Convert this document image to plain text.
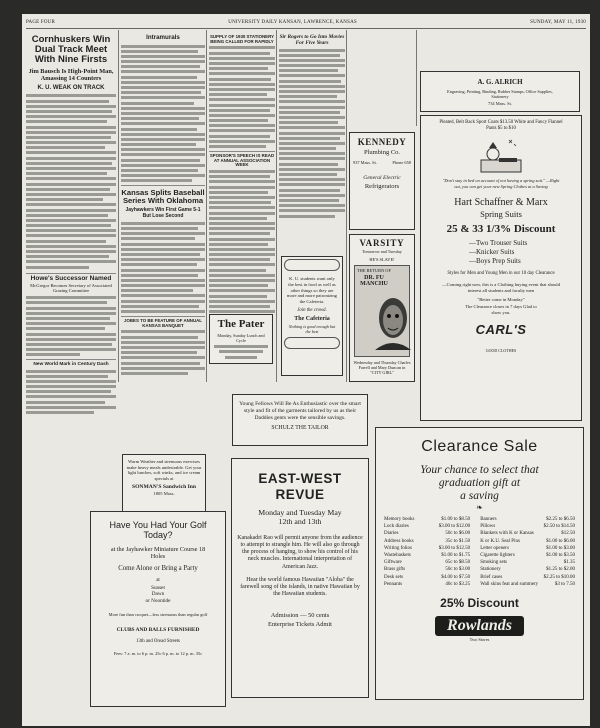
PAGE FOUR	UNIVERSITY DAILY KANSAN, LAWRENCE, KANSAS	SUNDAY, MAY 11, 1930
Cornhuskers Win Dual Track Meet With Nine Firsts
Jim Bausch Is High-Point Man, Amassing 14 Counters
K. U. WEAK ON TRACK
Howe's Successor Named
McGregor Becomes Secretary of Associated Grazing Committee
New World Mark in Century Dash
Intramurals
Kansas Splits Baseball Series With Oklahoma
Jayhawkers Win First Game 5-1 But Lose Second
JOBES TO BE FEATURE OF ANNUAL KANSAS BANQUET
Warm Weather and strenuous exercises make heavy meals undesirable. Get your light lunches, soft winks, and ice cream specials at
SONMAN'S Sandwich Inn
1805 Mass.
SUPPLY OF 1930 STATIONERY BEING CALLED FOR RAPIDLY
SPONSOR'S SPEECH IS READ AT ANNUAL ASSOCIATION WEEK
The Pater
Monday, Sunday Lunch and Cycle
Sir Rogers to Go Into Movies For Five Years
K. U. students want only the best in food as well as other things so they are more and more patronizing the Cafeteria.
Join the crowd.
The Cafeteria
Nothing is good enough but the best
KENNEDY
Plumbing Co.
937 Mass. St.	Phone 658
General Electric
Refrigerators
VARSITY
Tomorrow and Tuesday
HE'S SLAVE!
THE RETURN OF
DR. FU MANCHU
Wednesday and Thursday Charles Farrell and Mary Duncan in "CITY GIRL"
A. G. ALRICH
Engraving, Printing, Binding, Rubber Stamps, Office Supplies, Stationery
734 Mass. St.
Pleated, Belt Back Sport Coats $13.50 White and Fancy Flannel Pants $5 to $10
"Don't stay in bed on account of not having a spring suit." —Right out, you can get your new Spring Clothes at a Saving
Hart Schaffner & Marx
Spring Suits
25 & 33 1/3% Discount
—Two Trouser Suits
—Knicker Suits
—Boys Prep Suits
Styles for Men and Young Men in our 10 day Clearance
—Coming right now, this is a Clothing buying event that should interest all students and faculty men
"Better come in Monday"
The Clearance closes in 7 days Glad to show you.
CARL'S
GOOD CLOTHES
Young Fellows Will Be As Enthusiastic over the smart style and fit of the garments tailored by us as their Daddies gents were the sensible savings.
SCHULZ THE TAILOR
Have You Had Your Golf Today?
at the Jayhawker Miniature Course 18 Holes
Come Alone or Bring a Party
at
Sunset
Dawn
or Noontide
More fun than croquet—less strenuous than regular golf
CLUBS AND BALLS FURNISHED
13th and Oread Streets
Fees: 7 a. m. to 6 p. m. 25c 6 p. m. to 12 p. m. 35c
EAST-WEST
REVUE
Monday and Tuesday May 12th and 13th
Kanakadri Rao will permit anyone from the audience to attempt to strangle him. He will also go through the process of hanging, to show his control of his neck muscles. International interpretation of American Jazz.
Hear the world famous Hawaiian "Aloha" the farewell song of the islands, in native Hawaiian by the Hawaiian students.
Admission — 50 cents
Enterprise Tickets Admit
Clearance Sale
Your chance to select that
graduation gift at
a saving
❧
Memory books	$1.00 to $8.50
Lock diaries	$3.00 to $12.00
Diaries	50c to $6.00
Address books	35c to $1.50
Writing folios	$3.00 to $12.50
Wastebaskets	$1.00 to $1.75
Giftware	65c to $8.50
Brass gifts	50c to $3.00
Desk sets	$4.00 to $7.50
Pennants	40c to $3.25
Banners	$2.25 to $6.50
Pillows	$2.50 to $14.50
Blankets with K or Kansas	$12.50
K or K.U. Seal Pins	$1.00 to $6.00
Letter openers	$1.00 to $3.00
Cigarette lighters	$1.00 to $3.50
Smoking sets	$1.35
Stationery	$1.25 to $2.00
Brief cases	$2.25 to $10.00
Wall skins feat and summery	$3 to 7.50
25% Discount
Rowlands
Two Stores
